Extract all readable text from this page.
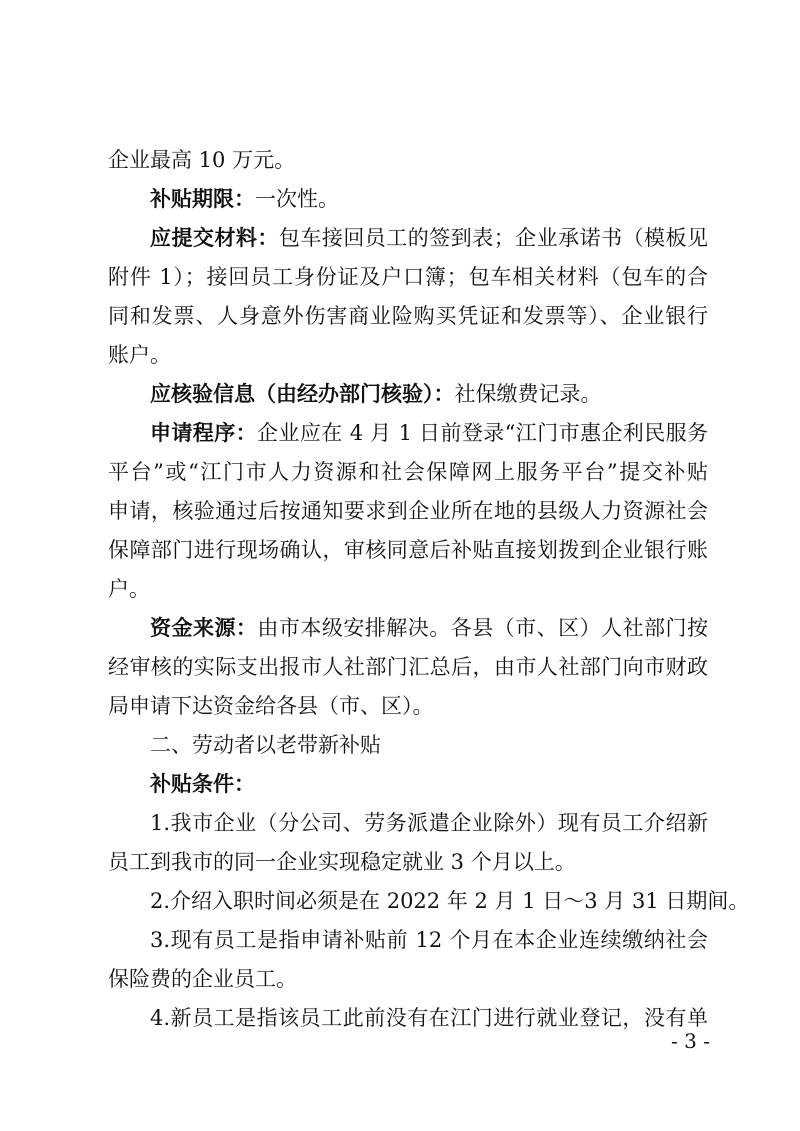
企业最高 10 万元。
补贴期限：一次性。
应提交材料：包车接回员工的签到表；企业承诺书（模板见
附件 1）；接回员工身份证及户口簿；包车相关材料（包车的合
同和发票、人身意外伤害商业险购买凭证和发票等）、企业银行
账户。
应核验信息（由经办部门核验）：社保缴费记录。
申请程序：企业应在 4 月 1 日前登录“江门市惠企利民服务
平台”或“江门市人力资源和社会保障网上服务平台”提交补贴
申请，核验通过后按通知要求到企业所在地的县级人力资源社会
保障部门进行现场确认，审核同意后补贴直接划拨到企业银行账
户。
资金来源：由市本级安排解决。各县（市、区）人社部门按
经审核的实际支出报市人社部门汇总后，由市人社部门向市财政
局申请下达资金给各县（市、区）。
二、劳动者以老带新补贴
补贴条件：
1.我市企业（分公司、劳务派遣企业除外）现有员工介绍新
员工到我市的同一企业实现稳定就业 3 个月以上。
2.介绍入职时间必须是在 2022 年 2 月 1 日～3 月 31 日期间。
3.现有员工是指申请补贴前 12 个月在本企业连续缴纳社会
保险费的企业员工。
4.新员工是指该员工此前没有在江门进行就业登记，没有单
- 3 -
